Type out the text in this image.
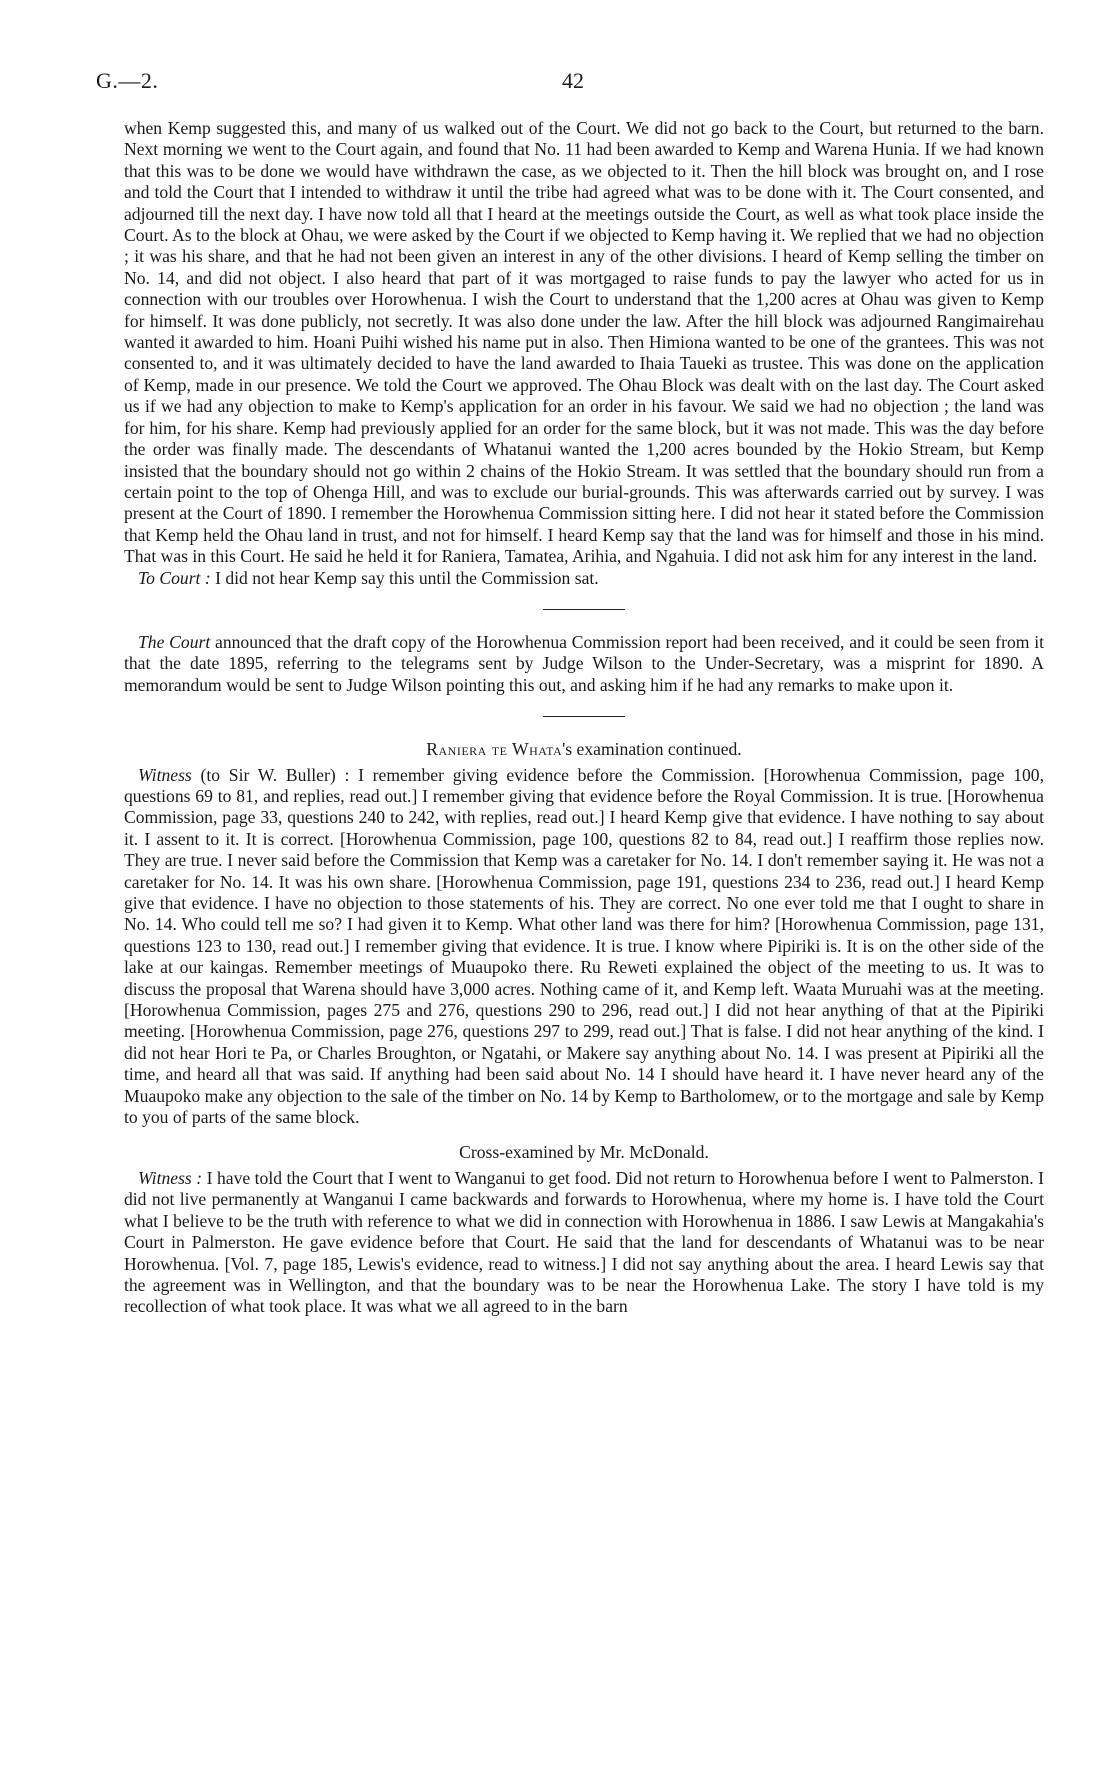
G.—2.	42

when Kemp suggested this, and many of us walked out of the Court. We did not go back to the Court, but returned to the barn. Next morning we went to the Court again, and found that No. 11 had been awarded to Kemp and Warena Hunia. If we had known that this was to be done we would have withdrawn the case, as we objected to it. Then the hill block was brought on, and I rose and told the Court that I intended to withdraw it until the tribe had agreed what was to be done with it. The Court consented, and adjourned till the next day. I have now told all that I heard at the meetings outside the Court, as well as what took place inside the Court. As to the block at Ohau, we were asked by the Court if we objected to Kemp having it. We replied that we had no objection ; it was his share, and that he had not been given an interest in any of the other divisions. I heard of Kemp selling the timber on No. 14, and did not object. I also heard that part of it was mortgaged to raise funds to pay the lawyer who acted for us in connection with our troubles over Horowhenua. I wish the Court to understand that the 1,200 acres at Ohau was given to Kemp for himself. It was done publicly, not secretly. It was also done under the law. After the hill block was adjourned Rangimairehau wanted it awarded to him. Hoani Puihi wished his name put in also. Then Himiona wanted to be one of the grantees. This was not consented to, and it was ultimately decided to have the land awarded to Ihaia Taueki as trustee. This was done on the application of Kemp, made in our presence. We told the Court we approved. The Ohau Block was dealt with on the last day. The Court asked us if we had any objection to make to Kemp's application for an order in his favour. We said we had no objection ; the land was for him, for his share. Kemp had previously applied for an order for the same block, but it was not made. This was the day before the order was finally made. The descendants of Whatanui wanted the 1,200 acres bounded by the Hokio Stream, but Kemp insisted that the boundary should not go within 2 chains of the Hokio Stream. It was settled that the boundary should run from a certain point to the top of Ohenga Hill, and was to exclude our burial-grounds. This was afterwards carried out by survey. I was present at the Court of 1890. I remember the Horowhenua Commission sitting here. I did not hear it stated before the Commission that Kemp held the Ohau land in trust, and not for himself. I heard Kemp say that the land was for himself and those in his mind. That was in this Court. He said he held it for Raniera, Tamatea, Arihia, and Ngahuia. I did not ask him for any interest in the land.

To Court : I did not hear Kemp say this until the Commission sat.

The Court announced that the draft copy of the Horowhenua Commission report had been received, and it could be seen from it that the date 1895, referring to the telegrams sent by Judge Wilson to the Under-Secretary, was a misprint for 1890. A memorandum would be sent to Judge Wilson pointing this out, and asking him if he had any remarks to make upon it.

Raniera te Whata's examination continued.

Witness (to Sir W. Buller) : I remember giving evidence before the Commission. [Horowhenua Commission, page 100, questions 69 to 81, and replies, read out.] I remember giving that evidence before the Royal Commission. It is true. [Horowhenua Commission, page 33, questions 240 to 242, with replies, read out.] I heard Kemp give that evidence. I have nothing to say about it. I assent to it. It is correct. [Horowhenua Commission, page 100, questions 82 to 84, read out.] I reaffirm those replies now. They are true. I never said before the Commission that Kemp was a caretaker for No. 14. I don't remember saying it. He was not a caretaker for No. 14. It was his own share. [Horowhenua Commission, page 191, questions 234 to 236, read out.] I heard Kemp give that evidence. I have no objection to those statements of his. They are correct. No one ever told me that I ought to share in No. 14. Who could tell me so? I had given it to Kemp. What other land was there for him? [Horowhenua Commission, page 131, questions 123 to 130, read out.] I remember giving that evidence. It is true. I know where Pipiriki is. It is on the other side of the lake at our kaingas. Remember meetings of Muaupoko there. Ru Reweti explained the object of the meeting to us. It was to discuss the proposal that Warena should have 3,000 acres. Nothing came of it, and Kemp left. Waata Muruahi was at the meeting. [Horowhenua Commission, pages 275 and 276, questions 290 to 296, read out.] I did not hear anything of that at the Pipiriki meeting. [Horowhenua Commission, page 276, questions 297 to 299, read out.] That is false. I did not hear anything of the kind. I did not hear Hori te Pa, or Charles Broughton, or Ngatahi, or Makere say anything about No. 14. I was present at Pipiriki all the time, and heard all that was said. If anything had been said about No. 14 I should have heard it. I have never heard any of the Muaupoko make any objection to the sale of the timber on No. 14 by Kemp to Bartholomew, or to the mortgage and sale by Kemp to you of parts of the same block.

Cross-examined by Mr. McDonald.

Witness : I have told the Court that I went to Wanganui to get food. Did not return to Horowhenua before I went to Palmerston. I did not live permanently at Wanganui I came backwards and forwards to Horowhenua, where my home is. I have told the Court what I believe to be the truth with reference to what we did in connection with Horowhenua in 1886. I saw Lewis at Mangakahia's Court in Palmerston. He gave evidence before that Court. He said that the land for descendants of Whatanui was to be near Horowhenua. [Vol. 7, page 185, Lewis's evidence, read to witness.] I did not say anything about the area. I heard Lewis say that the agreement was in Wellington, and that the boundary was to be near the Horowhenua Lake. The story I have told is my recollection of what took place. It was what we all agreed to in the barn
